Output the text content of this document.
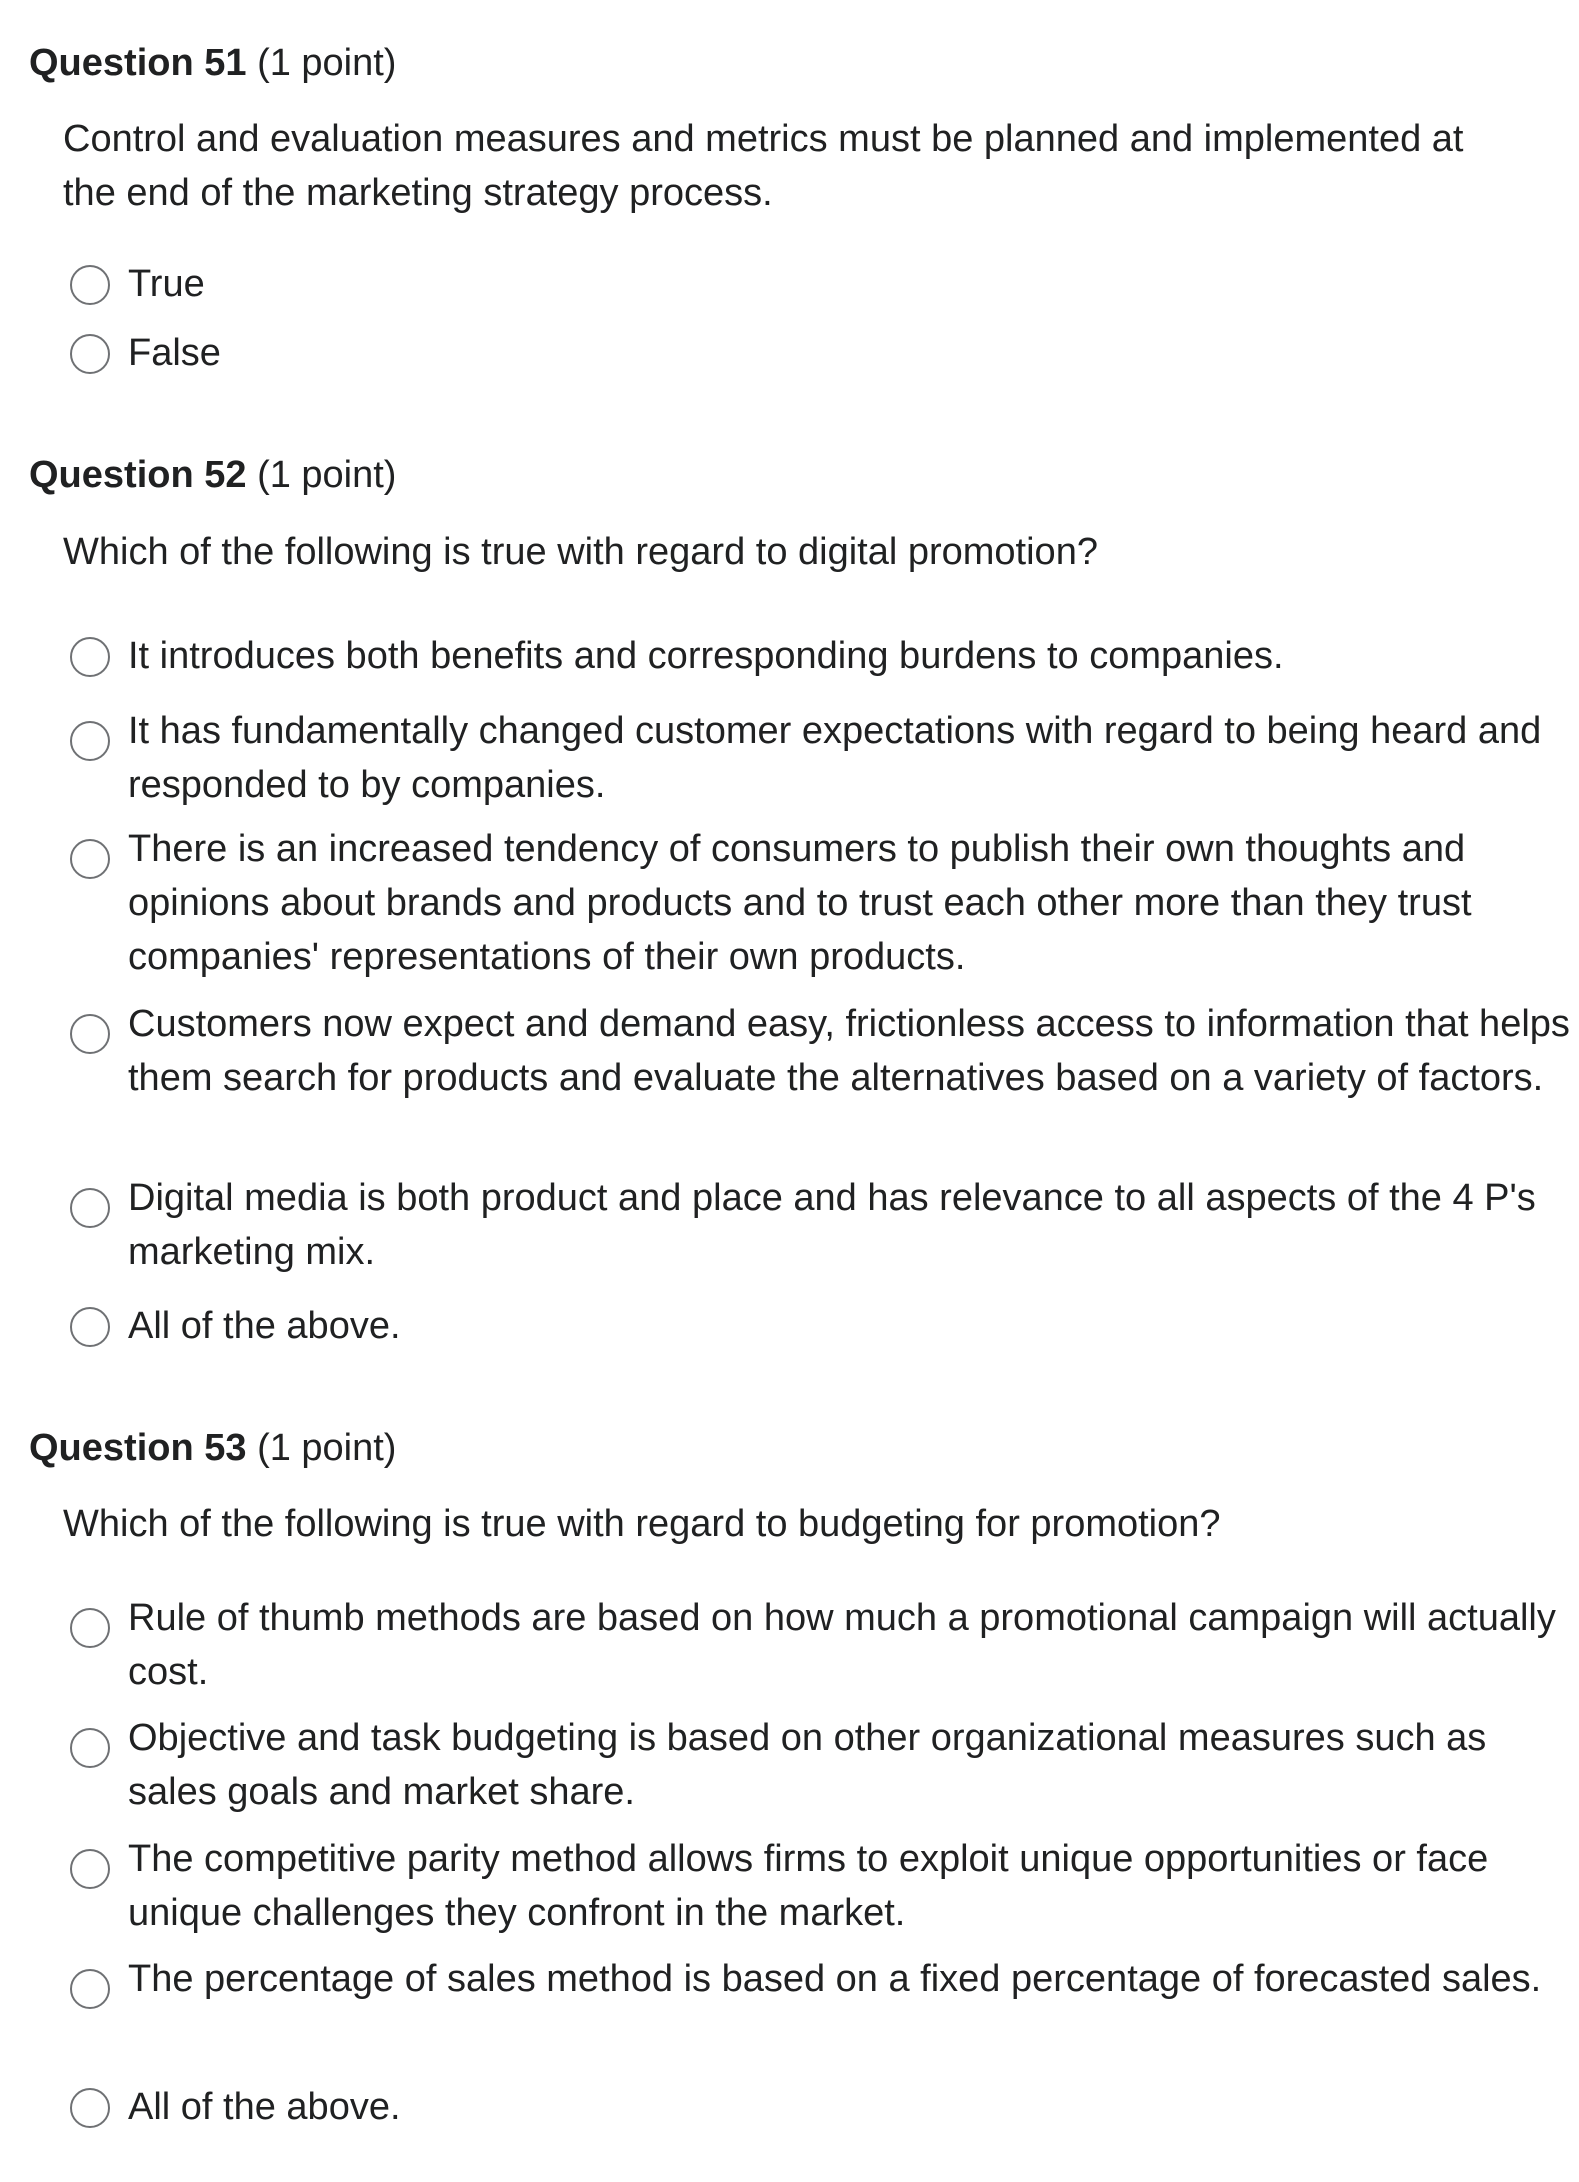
Question 51 (1 point)
Control and evaluation measures and metrics must be planned and implemented at the end of the marketing strategy process.
True
False
Question 52 (1 point)
Which of the following is true with regard to digital promotion?
It introduces both benefits and corresponding burdens to companies.
It has fundamentally changed customer expectations with regard to being heard and responded to by companies.
There is an increased tendency of consumers to publish their own thoughts and opinions about brands and products and to trust each other more than they trust companies' representations of their own products.
Customers now expect and demand easy, frictionless access to information that helps them search for products and evaluate the alternatives based on a variety of factors.
Digital media is both product and place and has relevance to all aspects of the 4 P's marketing mix.
All of the above.
Question 53 (1 point)
Which of the following is true with regard to budgeting for promotion?
Rule of thumb methods are based on how much a promotional campaign will actually cost.
Objective and task budgeting is based on other organizational measures such as sales goals and market share.
The competitive parity method allows firms to exploit unique opportunities or face unique challenges they confront in the market.
The percentage of sales method is based on a fixed percentage of forecasted sales.
All of the above.
